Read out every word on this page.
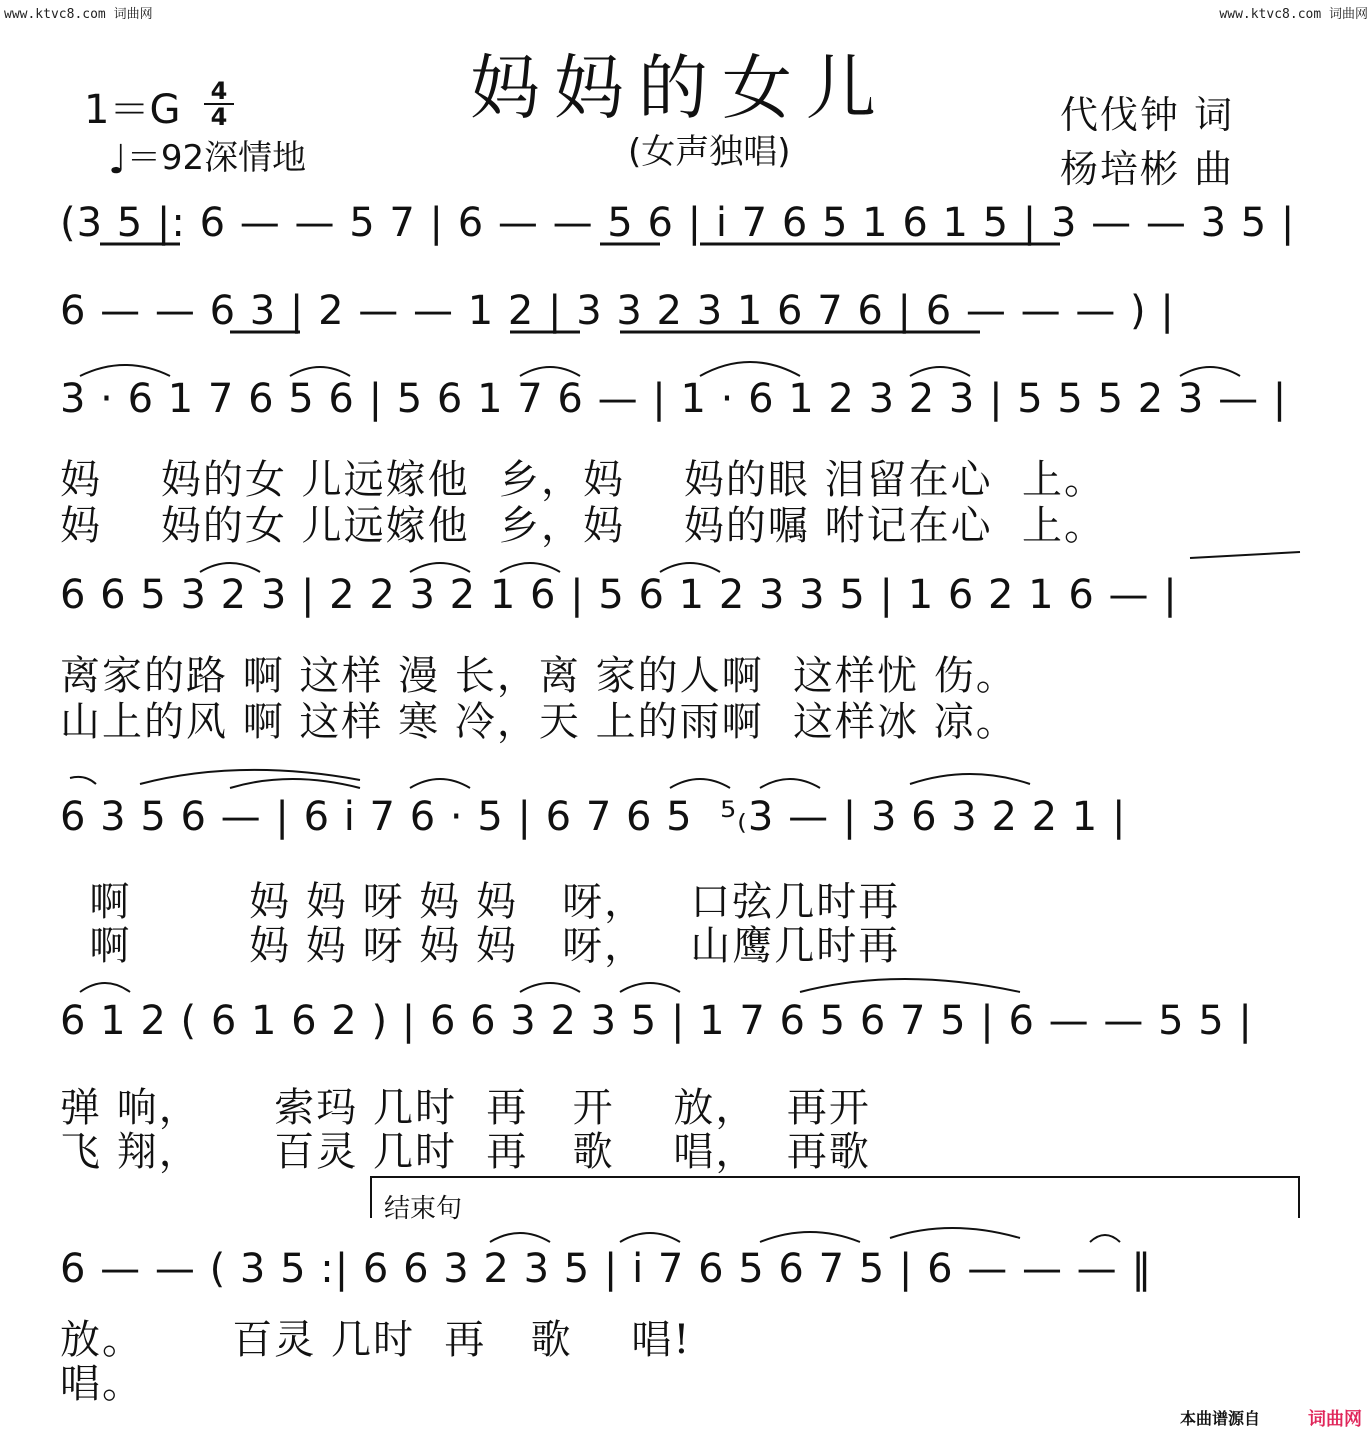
www.ktvc8.com 词曲网	www.ktvc8.com 词曲网
妈妈的女儿
(女声独唱)
代伐钟 词
杨培彬 曲
1＝G	4
4
♩＝92深情地
(3 5 |: 6 — — 5 7 | 6 — — 5 6 | i 7 6 5 1 6 1 5 | 3 — — 3 5 |
6 — — 6 3 | 2 — — 1 2 | 3 3 2 3 1 6 7 6 | 6 — — — ) |
3 · 6 1 7 6 5 6 | 5 6 1 7 6 — | 1 · 6 1 2 3 2 3 | 5 5 5 2 3 — |
妈    妈的女 儿远嫁他  乡，妈    妈的眼 泪留在心  上。
妈    妈的女 儿远嫁他  乡，妈    妈的嘱 咐记在心  上。
6 6 5 3 2 3 | 2 2 3 2 1 6 | 5 6 1 2 3 3 5 | 1 6 2 1 6 — |
离家的路 啊 这样 漫 长，离 家的人啊  这样忧 伤。
山上的风 啊 这样 寒 冷，天 上的雨啊  这样冰 凉。
6 3 5 6 — | 6 i 7 6 · 5 | 6 7 6 5  ⁵₍3 — | 3 6 3 2 2 1 |
啊        妈 妈 呀 妈 妈   呀，   口弦几时再
啊        妈 妈 呀 妈 妈   呀，   山鹰几时再
6 1 2 ( 6 1 6 2 ) | 6 6 3 2 3 5 | 1 7 6 5 6 7 5 | 6 — — 5 5 |
弹 响，     索玛 几时  再   开    放，  再开
飞 翔，     百灵 几时  再   歌    唱，  再歌
结束句
6 — — ( 3 5 :| 6 6 3 2 3 5 | i 7 6 5 6 7 5 | 6 — — — ‖
放。      百灵 几时  再   歌    唱!
唱。
本曲谱源自	词曲网
